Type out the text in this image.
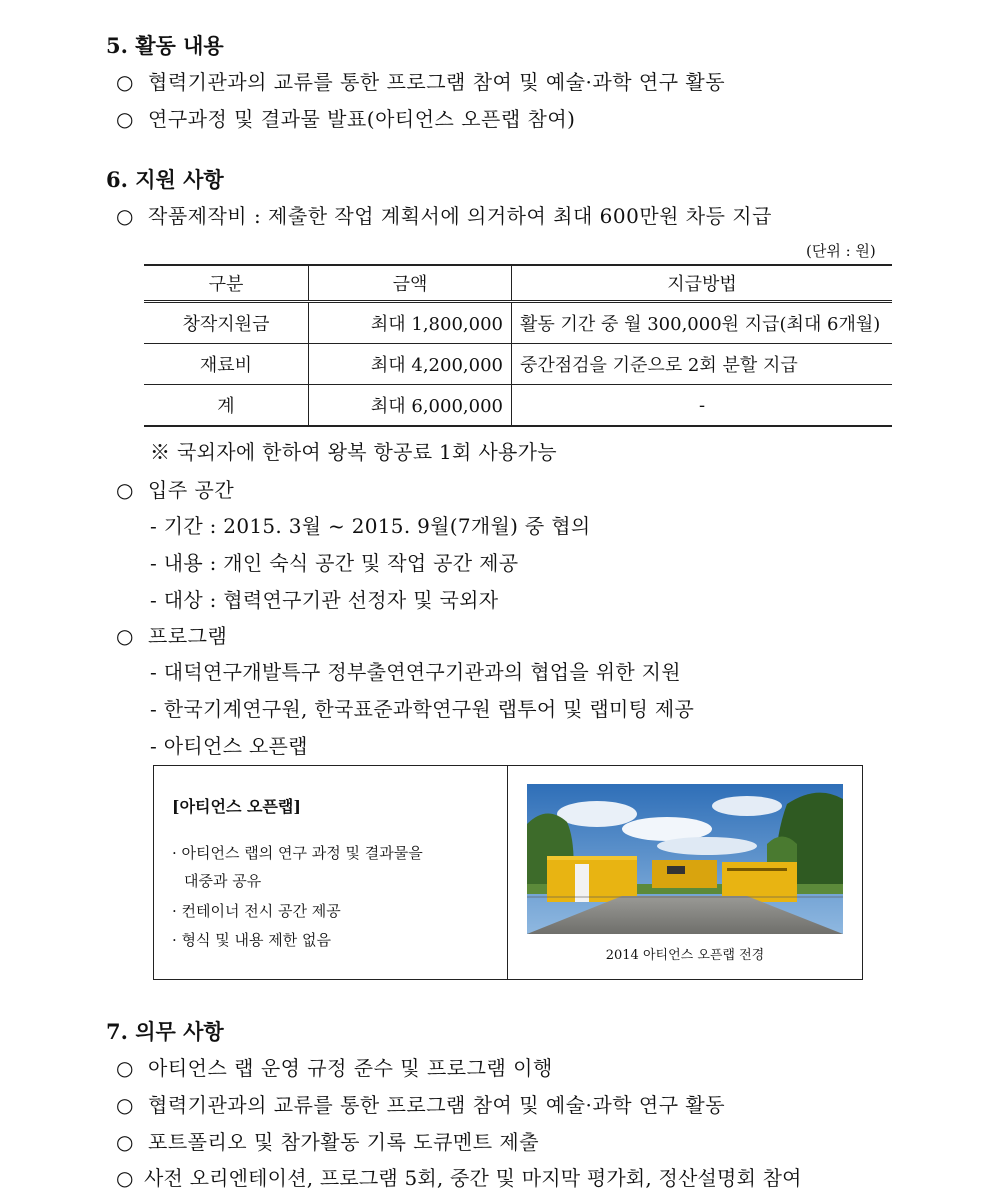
5. 활동 내용
○ 협력기관과의 교류를 통한 프로그램 참여 및 예술·과학 연구 활동
○ 연구과정 및 결과물 발표(아티언스 오픈랩 참여)
6. 지원 사항
○ 작품제작비 : 제출한 작업 계획서에 의거하여 최대 600만원 차등 지급
(단위 : 원)
구분	금액	지급방법
창작지원금	최대 1,800,000	활동 기간 중 월 300,000원 지급(최대 6개월)
재료비	최대 4,200,000	중간점검을 기준으로 2회 분할 지급
계	최대 6,000,000	-
※ 국외자에 한하여 왕복 항공료 1회 사용가능
○ 입주 공간
- 기간 : 2015. 3월 ~ 2015. 9월(7개월) 중 협의
- 내용 : 개인 숙식 공간 및 작업 공간 제공
- 대상 : 협력연구기관 선정자 및 국외자
○ 프로그램
- 대덕연구개발특구 정부출연연구기관과의 협업을 위한 지원
- 한국기계연구원, 한국표준과학연구원 랩투어 및 랩미팅 제공
- 아티언스 오픈랩
[아티언스 오픈랩]
· 아티언스 랩의 연구 과정 및 결과물을
대중과 공유
· 컨테이너 전시 공간 제공
· 형식 및 내용 제한 없음
2014 아티언스 오픈랩 전경
7. 의무 사항
○ 아티언스 랩 운영 규정 준수 및 프로그램 이행
○ 협력기관과의 교류를 통한 프로그램 참여 및 예술·과학 연구 활동
○ 포트폴리오 및 참가활동 기록 도큐멘트 제출
○ 사전 오리엔테이션, 프로그램 5회, 중간 및 마지막 평가회, 정산설명회 참여
